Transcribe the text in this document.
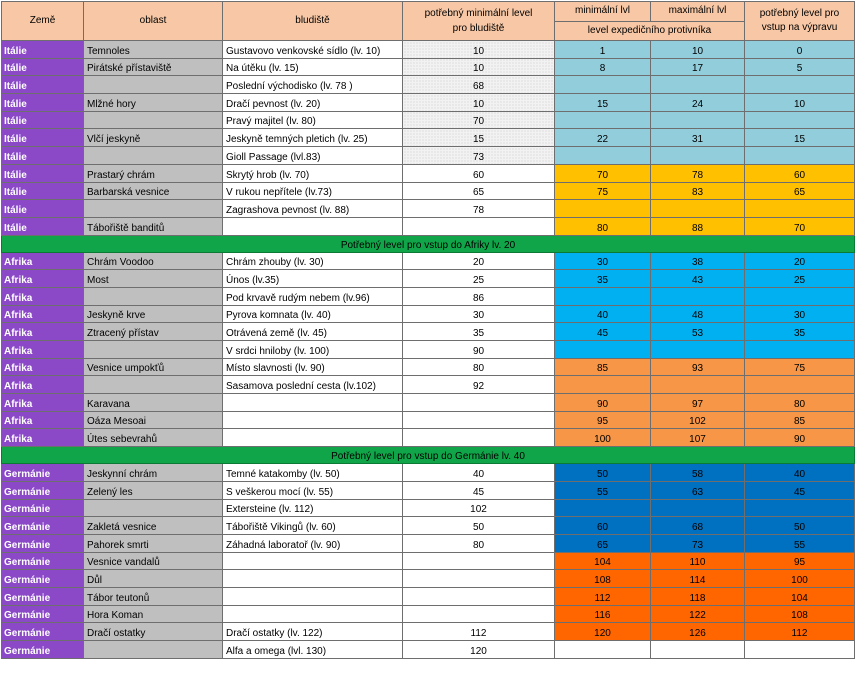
Země	oblast	bludiště	potřebný minimální level pro bludiště	minimální lvl	maximální lvl	potřebný level pro vstup na výpravu
				level expedičního protivníka		
Itálie	Temnoles	Gustavovo venkovské sídlo (lv. 10)	10	1	10	0
Itálie	Pirátské přístaviště	Na útěku (lv. 15)	10	8	17	5
Itálie		Poslední východisko (lv. 78 )	68			
Itálie	Mlžné hory	Dračí pevnost (lv. 20)	10	15	24	10
Itálie		Pravý majitel (lv. 80)	70			
Itálie	Vlčí jeskyně	Jeskyně temných pletich (lv. 25)	15	22	31	15
Itálie		Gioll Passage (lvl.83)	73			
Itálie	Prastarý chrám	Skrytý hrob (lv. 70)	60	70	78	60
Itálie	Barbarská vesnice	V rukou nepřítele (lv.73)	65	75	83	65
Itálie		Zagrashova pevnost (lv. 88)	78			
Itálie	Tábořiště banditů			80	88	70
Potřebný level pro vstup do Afriky lv. 20						
Afrika	Chrám Voodoo	Chrám zhouby (lv. 30)	20	30	38	20
Afrika	Most	Únos (lv.35)	25	35	43	25
Afrika		Pod krvavě rudým nebem (lv.96)	86			
Afrika	Jeskyně krve	Pyrova komnata (lv. 40)	30	40	48	30
Afrika	Ztracený přístav	Otrávená země (lv. 45)	35	45	53	35
Afrika		V srdci hniloby (lv. 100)	90			
Afrika	Vesnice umpokťů	Místo slavnosti (lv. 90)	80	85	93	75
Afrika		Sasamova poslední cesta (lv.102)	92			
Afrika	Karavana			90	97	80
Afrika	Oáza Mesoai			95	102	85
Afrika	Útes sebevrahů			100	107	90
Potřebný level pro vstup do Germánie lv. 40						
Germánie	Jeskynní chrám	Temné katakomby (lv. 50)	40	50	58	40
Germánie	Zelený les	S veškerou mocí (lv. 55)	45	55	63	45
Germánie		Extersteine (lv. 112)	102			
Germánie	Zakletá vesnice	Tábořiště Vikingů (lv. 60)	50	60	68	50
Germánie	Pahorek smrti	Záhadná laboratoř (lv. 90)	80	65	73	55
Germánie	Vesnice vandalů			104	110	95
Germánie	Důl			108	114	100
Germánie	Tábor teutonů			112	118	104
Germánie	Hora Koman			116	122	108
Germánie	Dračí ostatky	Dračí ostatky (lv. 122)	112	120	126	112
Germánie		Alfa a omega (lvl. 130)	120			
